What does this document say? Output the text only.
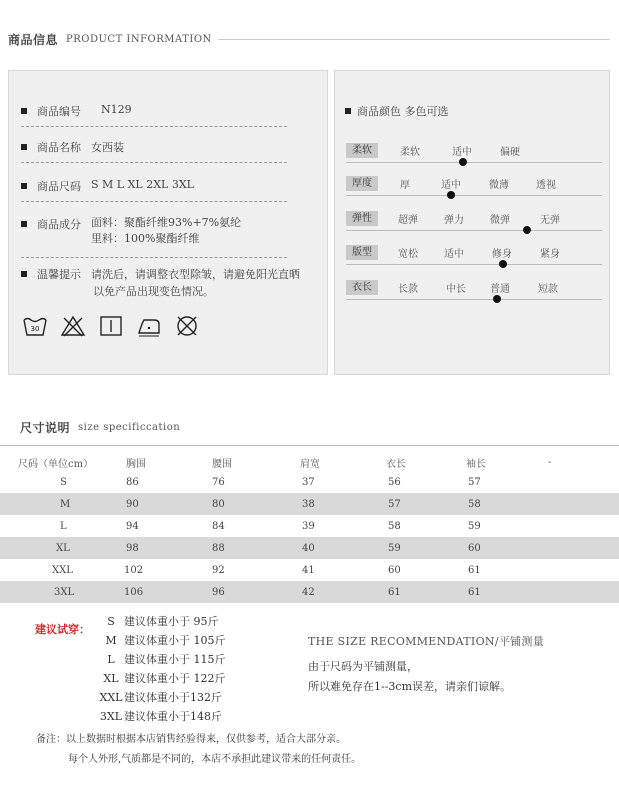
商品信息 PRODUCT INFORMATION
商品编号 N129
商品名称 女西装
商品尺码 S M L XL 2XL 3XL
商品成分 面料：聚酯纤维93%+7%氨纶
里料：100%聚酯纤维
温馨提示 请洗后，请调整衣型除皱，请避免阳光直晒
以免产品出现变色情况。
30
商品颜色 多色可选
柔软	柔软	适中	偏硬
厚度	厚	适中	微薄	透视
弹性	超弹	弹力	微弹	无弹
版型	宽松	适中	修身	紧身
衣长	长款	中长 普通	短款
尺寸说明 size specificcation
尺码（单位cm）	胸围	腰围	肩宽	衣长	袖长	-
S	86	76	37	56	57	
M	90	80	38	57	58	
L	94	84	39	58	59	
XL	98	88	40	59	60	
XXL	102	92	41	60	61	
3XL	106	96	42	61	61	
建议试穿：
S 建议体重小于 95斤
M 建议体重小于 105斤
L 建议体重小于 115斤
XL 建议体重小于 122斤
XXL 建议体重小于132斤
3XL 建议体重小于148斤
THE SIZE RECOMMENDATION/平铺测量
由于尺码为平铺测量，
所以难免存在1--3cm误差，请亲们谅解。
备注：以上数据时根据本店销售经验得来，仅供参考，适合大部分亲。
每个人外形,气质都是不同的，本店不承担此建议带来的任何责任。
